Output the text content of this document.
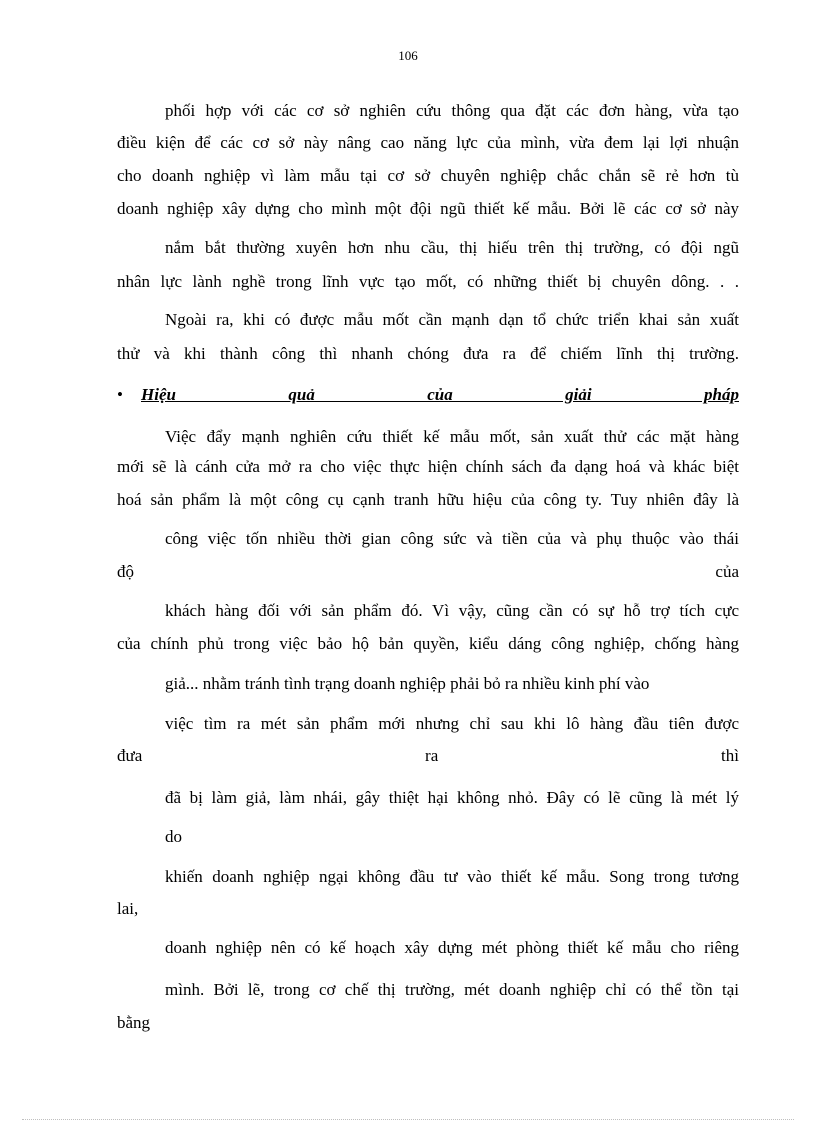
106
phối hợp với các cơ sở nghiên cứu thông qua đặt các đơn hàng, vừa tạo
điều kiện để các cơ sở này nâng cao năng lực của mình, vừa đem lại lợi nhuận
cho doanh nghiệp vì làm mẫu tại cơ sở chuyên nghiệp chắc chắn sẽ rẻ hơn tù
doanh nghiệp xây dựng cho mình một đội ngũ thiết kế mẫu. Bởi lẽ các cơ sở này
nắm bắt thường xuyên hơn nhu cầu, thị hiếu trên thị trường, có đội ngũ
nhân lực lành nghề trong lĩnh vực tạo mốt, có những thiết bị chuyên dông. . .
Ngoài ra, khi có được mẫu mốt cần mạnh dạn tổ chức triển khai sản xuất
thử và khi thành công thì nhanh chóng đưa ra để chiếm lĩnh thị trường.
• Hiệu quả của giải pháp
Việc đẩy mạnh nghiên cứu thiết kế mẫu mốt, sản xuất thử các mặt hàng
mới sẽ là cánh cửa mở ra cho việc thực hiện chính sách đa dạng hoá và khác biệt
hoá sản phẩm là một công cụ cạnh tranh hữu hiệu của công ty. Tuy nhiên đây là
công việc tốn nhiều thời gian công sức và tiền của và phụ thuộc vào thái
độ của
khách hàng đối với sản phẩm đó. Vì vậy, cũng cần có sự hỗ trợ tích cực
của chính phủ trong việc bảo hộ bản quyền, kiểu dáng công nghiệp, chống hàng
giả... nhằm tránh tình trạng doanh nghiệp phải bỏ ra nhiều kinh phí vào
việc tìm ra mét sản phẩm mới nhưng chỉ sau khi lô hàng đầu tiên được
đưa ra thì
đã bị làm giả, làm nhái, gây thiệt hại không nhỏ. Đây có lẽ cũng là mét lý
do
khiến doanh nghiệp ngại không đầu tư vào thiết kế mẫu. Song trong tương
lai,
doanh nghiệp nên có kế hoạch xây dựng mét phòng thiết kế mẫu cho riêng
mình. Bởi lẽ, trong cơ chế thị trường, mét doanh nghiệp chỉ có thể tồn tại
bằng
